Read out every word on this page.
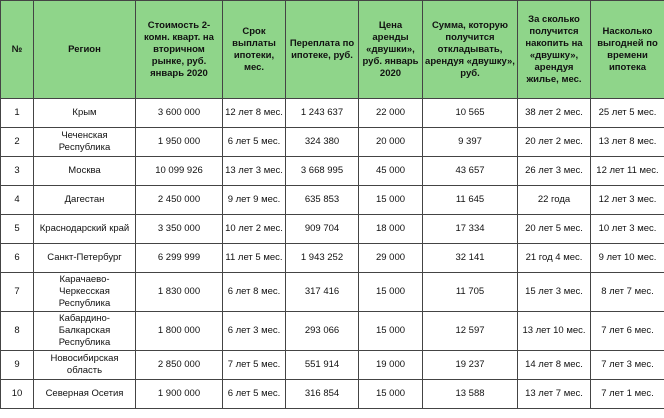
№	Регион	Стоимость 2-комн. кварт. на вторичном рынке, руб. январь 2020	Срок выплаты ипотеки, мес.	Переплата по ипотеке, руб.	Цена аренды «двушки», руб. январь 2020	Сумма, которую получится откладывать, арендуя «двушку», руб.	За сколько получится накопить на «двушку», арендуя жилье, мес.	Насколько выгодней по времени ипотека
1	Крым	3 600 000	12 лет 8 мес.	1 243 637	22 000	10 565	38 лет 2 мес.	25 лет 5 мес.
2	Чеченская Республика	1 950 000	6 лет 5 мес.	324 380	20 000	9 397	20 лет 2 мес.	13 лет 8 мес.
3	Москва	10 099 926	13 лет 3 мес.	3 668 995	45 000	43 657	26 лет 3 мес.	12 лет 11 мес.
4	Дагестан	2 450 000	9 лет 9 мес.	635 853	15 000	11 645	22 года	12 лет 3 мес.
5	Краснодарский край	3 350 000	10 лет 2 мес.	909 704	18 000	17 334	20 лет 5 мес.	10 лет 3 мес.
6	Санкт-Петербург	6 299 999	11 лет 5 мес.	1 943 252	29 000	32 141	21 год 4 мес.	9 лет 10 мес.
7	Карачаево-Черкесская Республика	1 830 000	6 лет 8 мес.	317 416	15 000	11 705	15 лет 3 мес.	8 лет 7 мес.
8	Кабардино-Балкарская Республика	1 800 000	6 лет 3 мес.	293 066	15 000	12 597	13 лет 10 мес.	7 лет 6 мес.
9	Новосибирская область	2 850 000	7 лет 5 мес.	551 914	19 000	19 237	14 лет 8 мес.	7 лет 3 мес.
10	Северная Осетия	1 900 000	6 лет 5 мес.	316 854	15 000	13 588	13 лет 7 мес.	7 лет 1 мес.
